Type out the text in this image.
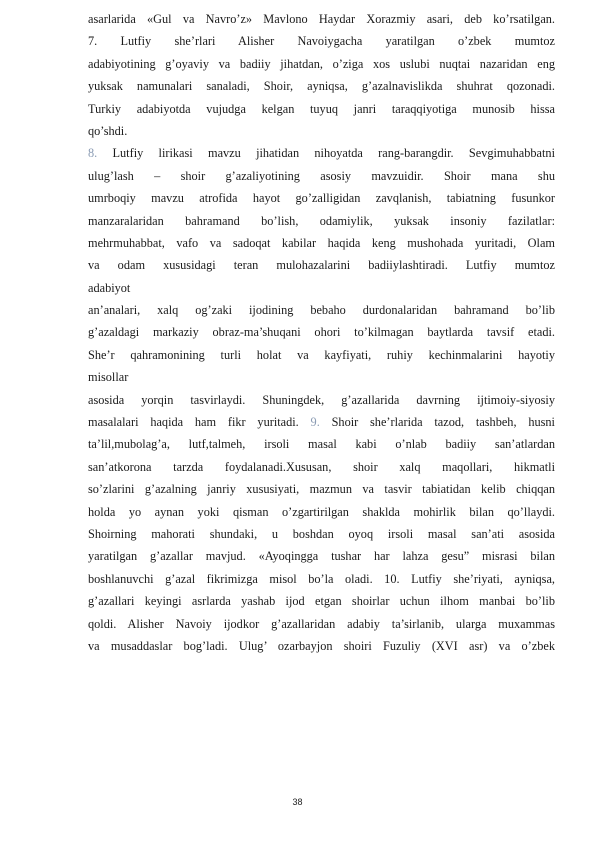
asarlarida «Gul va Navro’z» Mavlono Haydar Xorazmiy asari, deb ko’rsatilgan.
7. Lutfiy she’rlari Alisher Navoiygacha yaratilgan o’zbek mumtoz
adabiyotining g’oyaviy va badiiy jihatdan, o’ziga xos uslubi nuqtai nazaridan eng
yuksak namunalari sanaladi, Shoir, ayniqsa, g’azalnavislikda shuhrat qozonadi.
Turkiy adabiyotda vujudga kelgan tuyuq janri taraqqiyotiga munosib hissa
qo’shdi.
8. Lutfiy lirikasi mavzu jihatidan nihoyatda rang-barangdir. Sevgimuhabbatni
ulug’lash – shoir g’azaliyotining asosiy mavzuidir. Shoir mana shu
umrboqiy mavzu atrofida hayot go’zalligidan zavqlanish, tabiatning fusunkor
manzaralaridan bahramand bo’lish, odamiylik, yuksak insoniy fazilatlar:
mehrmuhabbat, vafo va sadoqat kabilar haqida keng mushohada yuritadi, Olam
va odam xususidagi teran mulohazalarini badiiylashtiradi. Lutfiy mumtoz
adabiyot
an’analari, xalq og’zaki ijodining bebaho durdonalaridan bahramand bo’lib
g’azaldagi markaziy obraz-ma’shuqani ohori to’kilmagan baytlarda tavsif etadi.
She’r qahramonining turli holat va kayfiyati, ruhiy kechinmalarini hayotiy
misollar
asosida yorqin tasvirlaydi. Shuningdek, g’azallarida davrning ijtimoiy-siyosiy
masalalari haqida ham fikr yuritadi. 9. Shoir she’rlarida tazod, tashbeh, husni
ta’lil,mubolag’a, lutf,talmeh, irsoli masal kabi o’nlab badiiy san’atlardan
san’atkorona tarzda foydalanadi.Xususan, shoir xalq maqollari, hikmatli
so’zlarini g’azalning janriy xususiyati, mazmun va tasvir tabiatidan kelib chiqqan
holda yo aynan yoki qisman o’zgartirilgan shaklda mohirlik bilan qo’llaydi.
Shoirning mahorati shundaki, u boshdan oyoq irsoli masal san’ati asosida
yaratilgan g’azallar mavjud. «Ayoqingga tushar har lahza gesu” misrasi bilan
boshlanuvchi g’azal fikrimizga misol bo’la oladi. 10. Lutfiy she’riyati, ayniqsa,
g’azallari keyingi asrlarda yashab ijod etgan shoirlar uchun ilhom manbai bo’lib
qoldi. Alisher Navoiy ijodkor g’azallaridan adabiy ta’sirlanib, ularga muxammas
va musaddaslar bog’ladi. Ulug’ ozarbayjon shoiri Fuzuliy (XVI asr) va o’zbek
38
